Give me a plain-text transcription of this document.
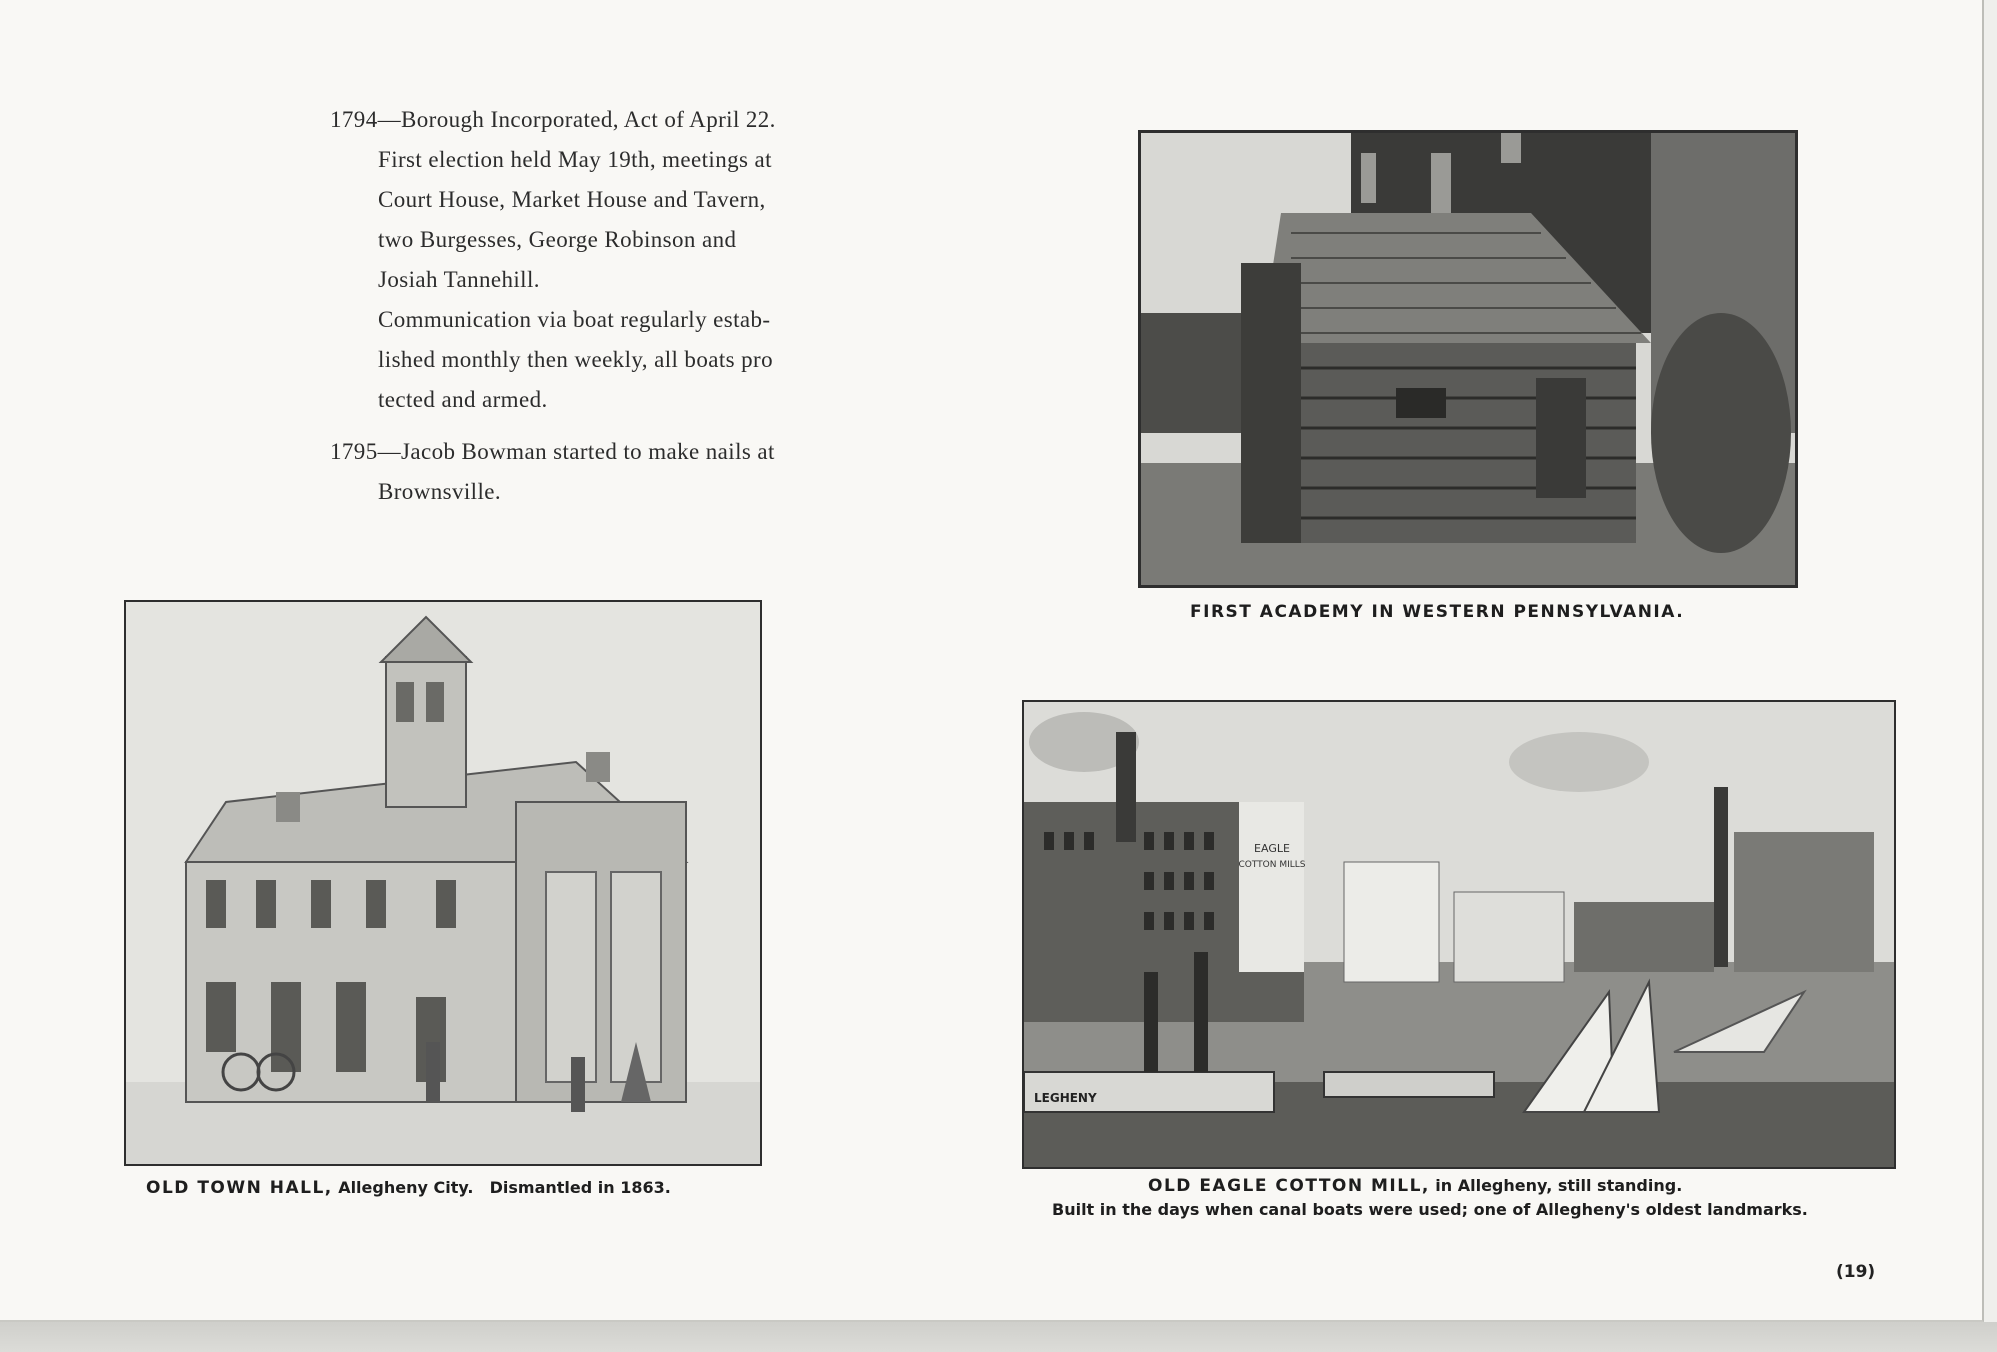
1794—Borough Incorporated, Act of April 22.
First election held May 19th, meetings at
Court House, Market House and Tavern,
two Burgesses, George Robinson and
Josiah Tannehill.
Communication via boat regularly estab-
lished monthly then weekly, all boats pro
tected and armed.
1795—Jacob Bowman started to make nails at
Brownsville.
FIRST ACADEMY IN WESTERN PENNSYLVANIA.
OLD TOWN HALL, Allegheny City. Dismantled in 1863.
EAGLE
COTTON MILLS
LEGHENY
OLD EAGLE COTTON MILL, in Allegheny, still standing.
Built in the days when canal boats were used; one of Allegheny's oldest landmarks.
(19)
